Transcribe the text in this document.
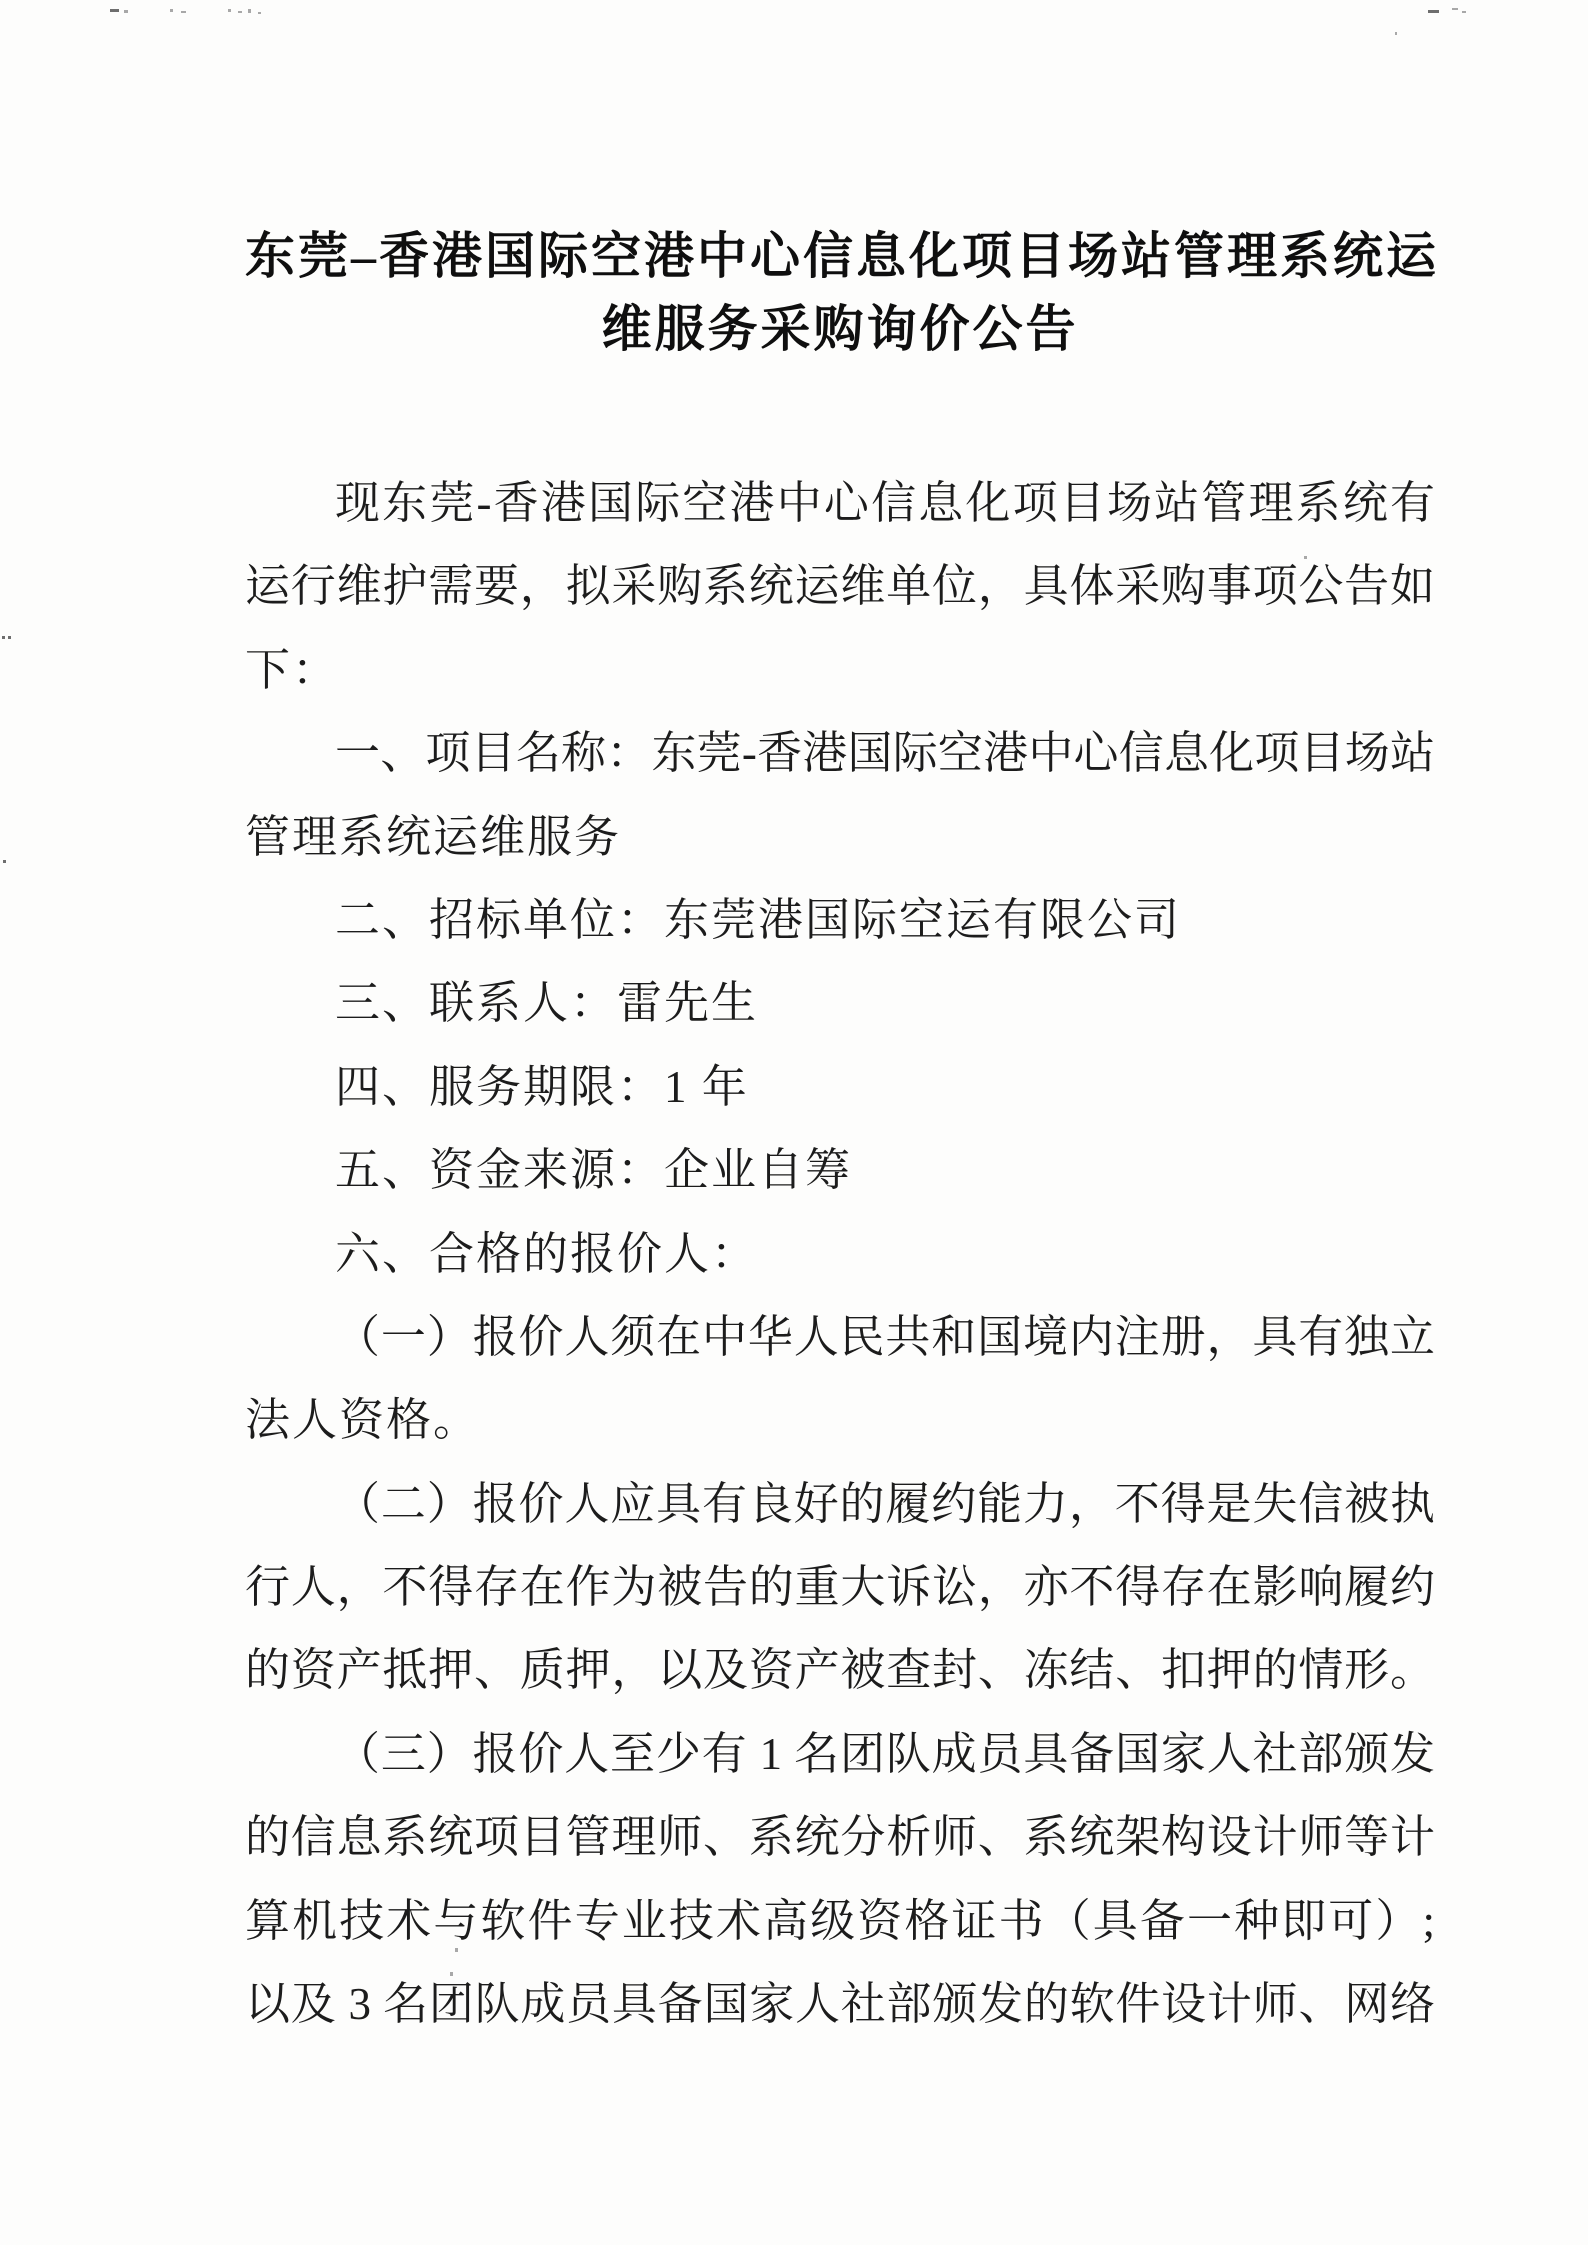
东莞–香港国际空港中心信息化项目场站管理系统运
维服务采购询价公告
现东莞-香港国际空港中心信息化项目场站管理系统有
运行维护需要，拟采购系统运维单位，具体采购事项公告如
下：
一、项目名称：东莞-香港国际空港中心信息化项目场站
管理系统运维服务
二、招标单位：东莞港国际空运有限公司
三、联系人：雷先生
四、服务期限：1 年
五、资金来源：企业自筹
六、合格的报价人：
（一）报价人须在中华人民共和国境内注册，具有独立
法人资格。
（二）报价人应具有良好的履约能力，不得是失信被执
行人，不得存在作为被告的重大诉讼，亦不得存在影响履约
的资产抵押、质押，以及资产被查封、冻结、扣押的情形。
（三）报价人至少有 1 名团队成员具备国家人社部颁发
的信息系统项目管理师、系统分析师、系统架构设计师等计
算机技术与软件专业技术高级资格证书（具备一种即可）;
以及 3 名团队成员具备国家人社部颁发的软件设计师、网络
